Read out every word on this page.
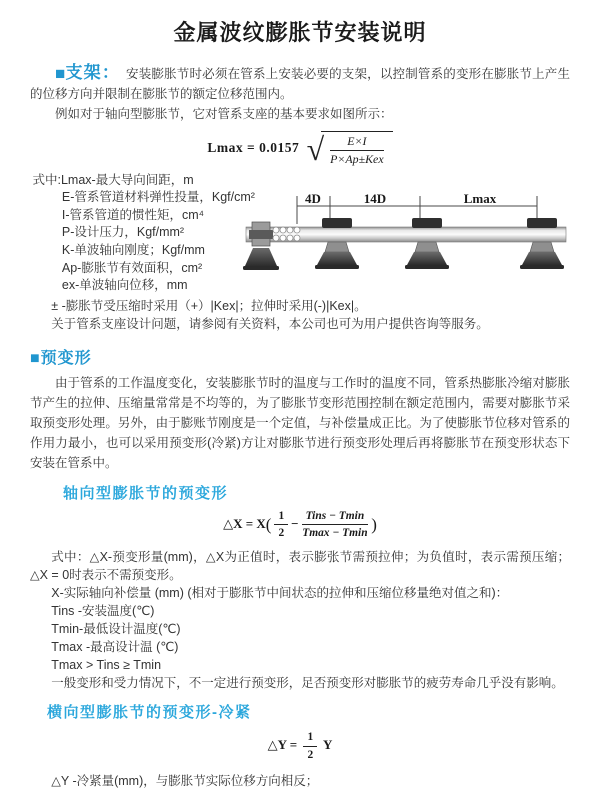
金属波纹膨胀节安装说明

■支架： 安装膨胀节时必须在管系上安装必要的支架，以控制管系的变形在膨胀节上产生的位移方向并限制在膨胀节的额定位移范围内。

例如对于轴向型膨胀节，它对管系支座的基本要求如图所示：

Lmax = 0.0157 √ $\frac{E\times I}{\text{P×Ap±Kex}}$
式中:Lmax-最大导向间距，m
E-管系管道材料弹性投量，Kgf/cm²
I-管系管道的惯性矩，cm⁴
P-设计压力，Kgf/mm²
K-单波轴向刚度；Kgf/mm
Ap-膨胀节有效面积，cm²
ex-单波轴向位移，mm

± -膨胀节受压缩时采用（+）|Kex|；拉伸时采用(-)|Kex|。

关于管系支座设计问题，请参阅有关资料，本公司也可为用户提供咨询等服务。

4D	14D	Lmax
■预变形

由于管系的工作温度变化，安装膨胀节时的温度与工作时的温度不同，管系热膨胀冷缩对膨胀节产生的拉伸、压缩量常常是不均等的，为了膨胀节变形范围控制在额定范围内，需要对膨胀节采取预变形处理。另外，由于膨账节刚度是一个定值，与补偿量成正比。为了使膨胀节位移对管系的作用力最小，也可以采用预变形(冷紧)方让对膨胀节进行预变形处理后再将膨胀节在预变形状态下安装在管系中。

轴向型膨胀节的预变形
△X = $X( \frac{1}{2} - \frac{\text{Tins − Tmin}}{Tmax - Tmin}$ )

式中：△X-预变形量(mm)，△X为正值时，表示膨张节需预拉伸；为负值时，表示需预压缩；△X = 0时表示不需预变形。

X-实际轴向补偿量 (mm) (相对于膨胀节中间状态的拉伸和压缩位移量绝对值之和)：

Tins -安装温度(℃)

Tmin-最低设计温度(℃)

Tmax -最高设计温 (℃)

Tmax > Tins ≥ Tmin

一般变形和受力情况下，不一定进行预变形，足否预变形对膨胀节的疲劳寿命几乎没有影响。

横向型膨胀节的预变形-冷紧
△Y = $\frac{1}{2}$ Y

△Y -冷紧量(mm)，与膨胀节实际位移方向相反；
